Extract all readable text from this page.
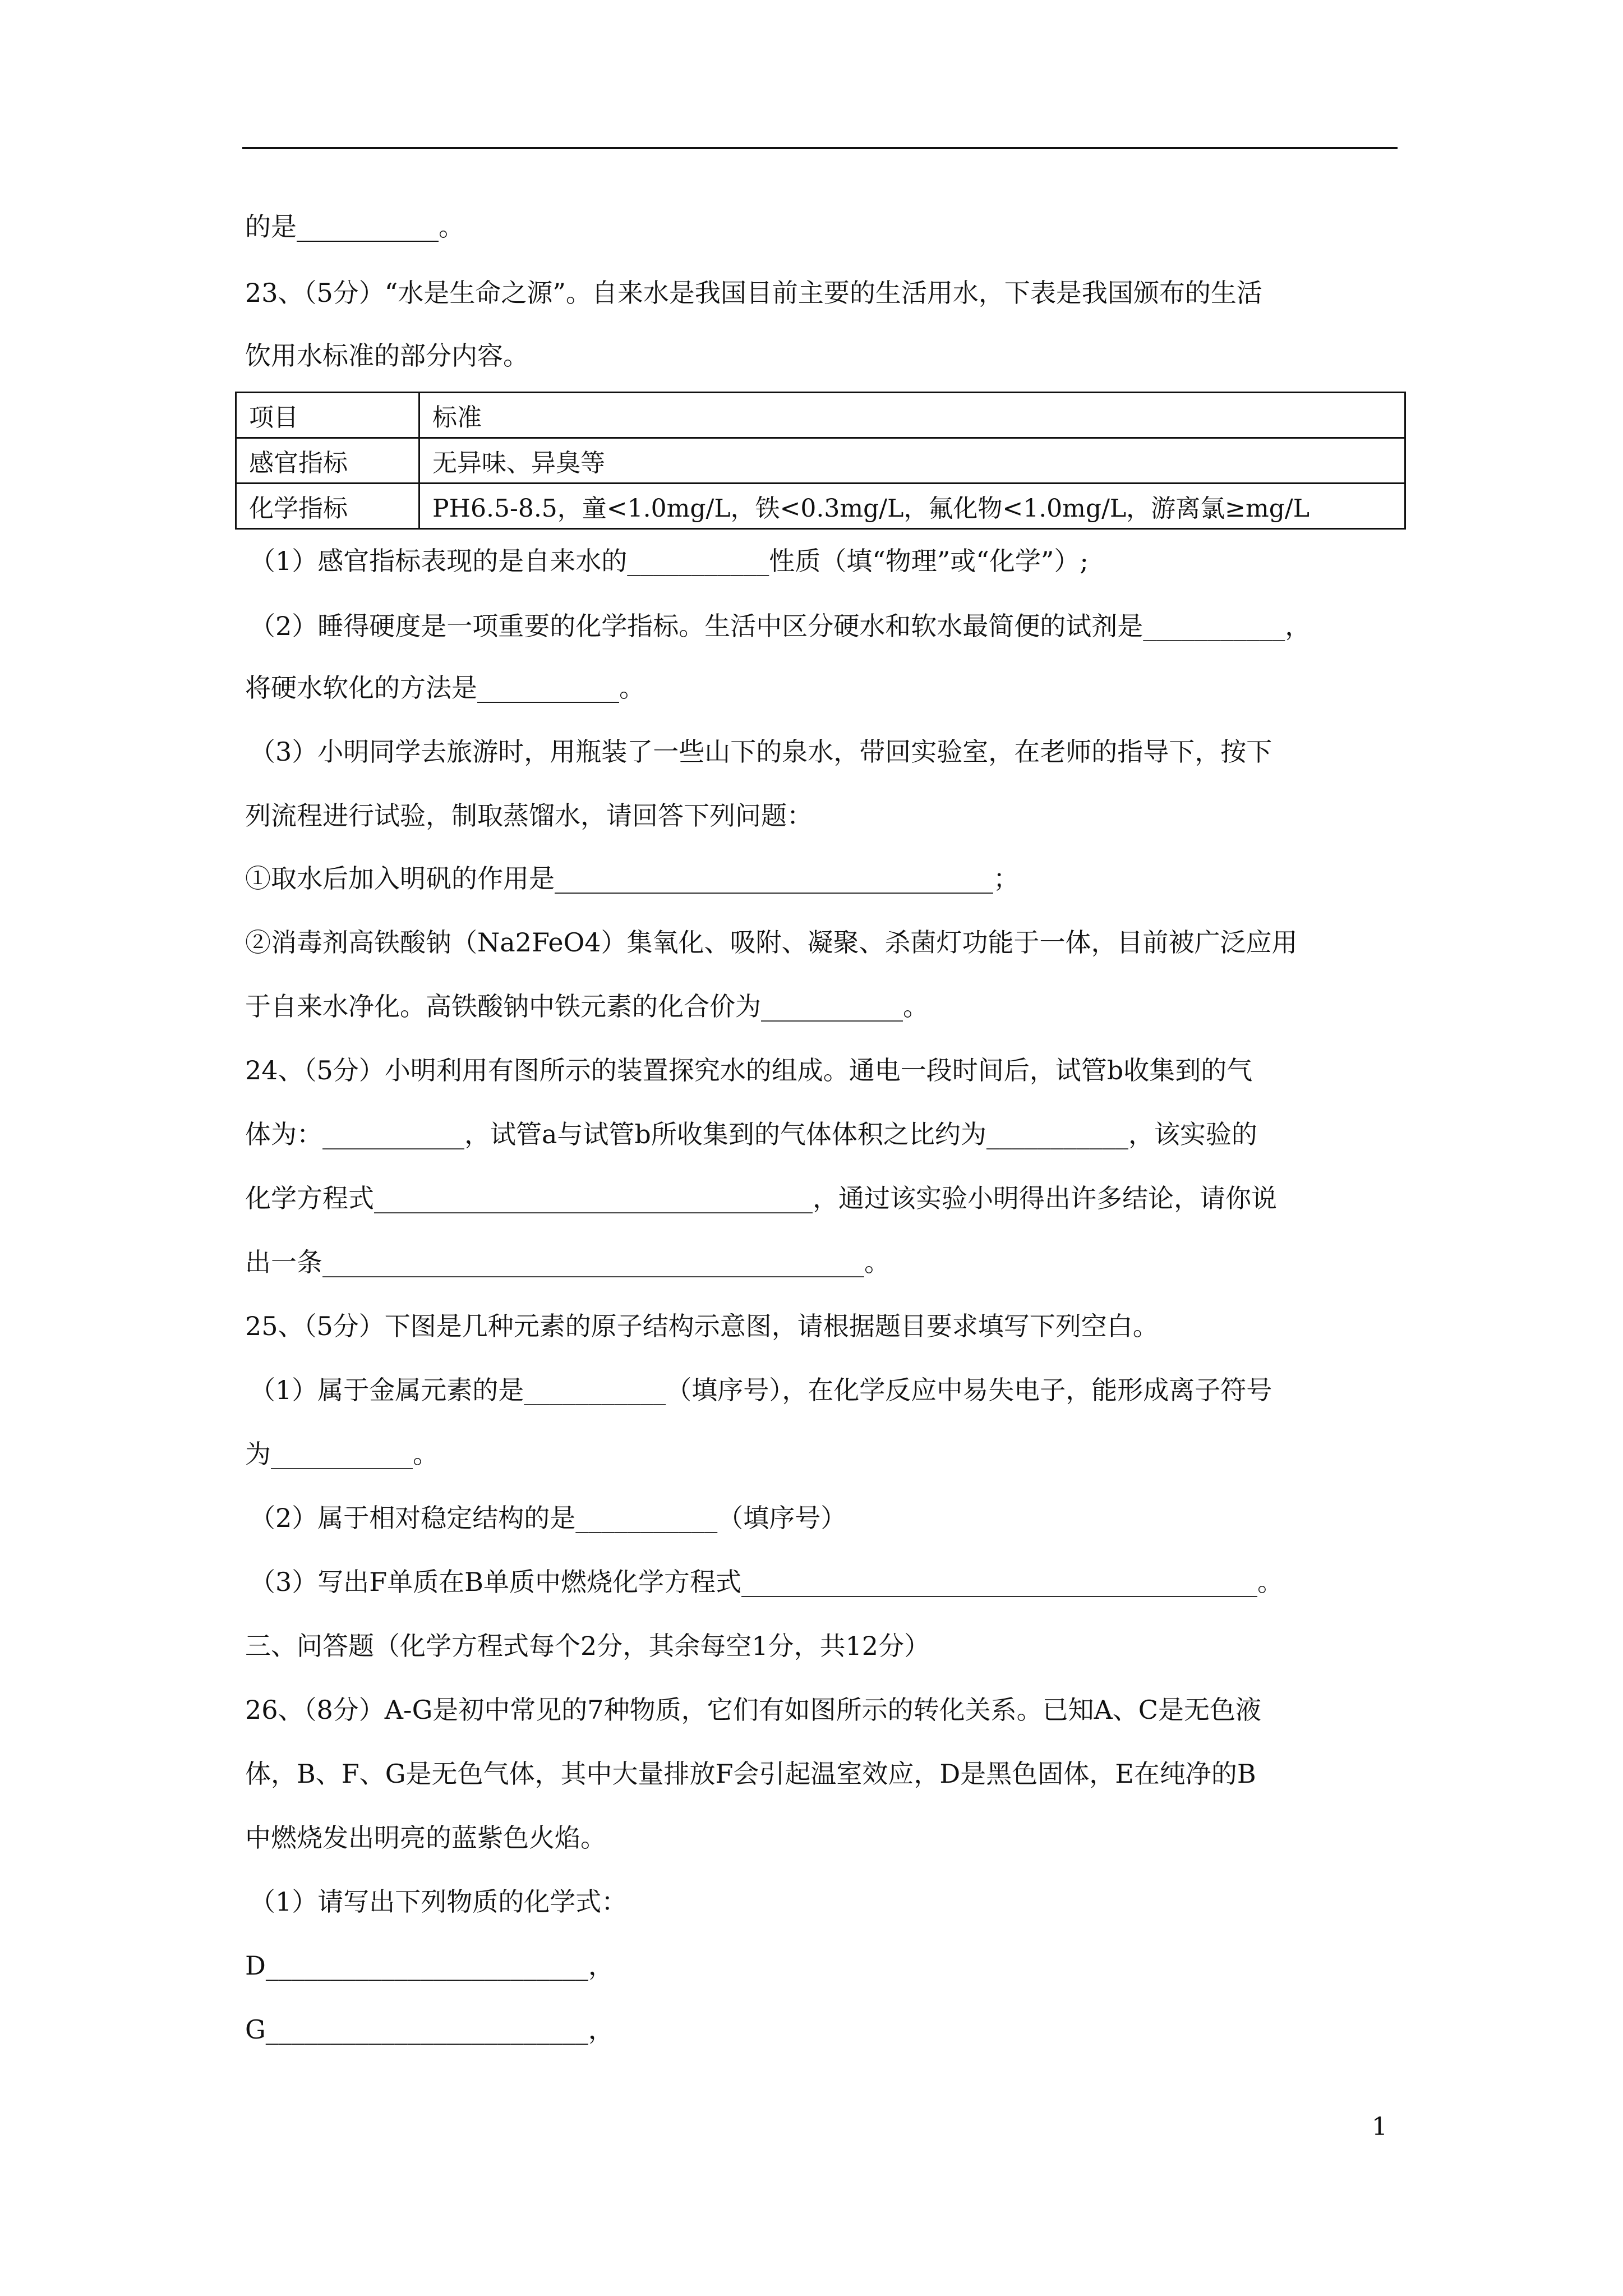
的是___________。
23、（5分）“水是生命之源”。自来水是我国目前主要的生活用水，下表是我国颁布的生活
饮用水标准的部分内容。
项目	标准
感官指标	无异味、异臭等
化学指标	PH6.5-8.5，童<1.0mg/L，铁<0.3mg/L，氟化物<1.0mg/L，游离氯≥mg/L
（1）感官指标表现的是自来水的___________性质（填“物理”或“化学”）;
（2）睡得硬度是一项重要的化学指标。生活中区分硬水和软水最简便的试剂是___________，
将硬水软化的方法是___________。
（3）小明同学去旅游时，用瓶装了一些山下的泉水，带回实验室，在老师的指导下，按下
列流程进行试验，制取蒸馏水，请回答下列问题：
①取水后加入明矾的作用是__________________________________；
②消毒剂高铁酸钠（Na2FeO4）集氧化、吸附、凝聚、杀菌灯功能于一体，目前被广泛应用
于自来水净化。高铁酸钠中铁元素的化合价为___________。
24、（5分）小明利用有图所示的装置探究水的组成。通电一段时间后，试管b收集到的气
体为：___________，试管a与试管b所收集到的气体体积之比约为___________，该实验的
化学方程式__________________________________，通过该实验小明得出许多结论，请你说
出一条__________________________________________。
25、（5分）下图是几种元素的原子结构示意图，请根据题目要求填写下列空白。
（1）属于金属元素的是___________（填序号），在化学反应中易失电子，能形成离子符号
为___________。
（2）属于相对稳定结构的是___________（填序号）
（3）写出F单质在B单质中燃烧化学方程式________________________________________。
三、问答题（化学方程式每个2分，其余每空1分，共12分）
26、（8分）A-G是初中常见的7种物质，它们有如图所示的转化关系。已知A、C是无色液
体，B、F、G是无色气体，其中大量排放F会引起温室效应，D是黑色固体，E在纯净的B
中燃烧发出明亮的蓝紫色火焰。
（1）请写出下列物质的化学式：
D_________________________，
G_________________________，
1
